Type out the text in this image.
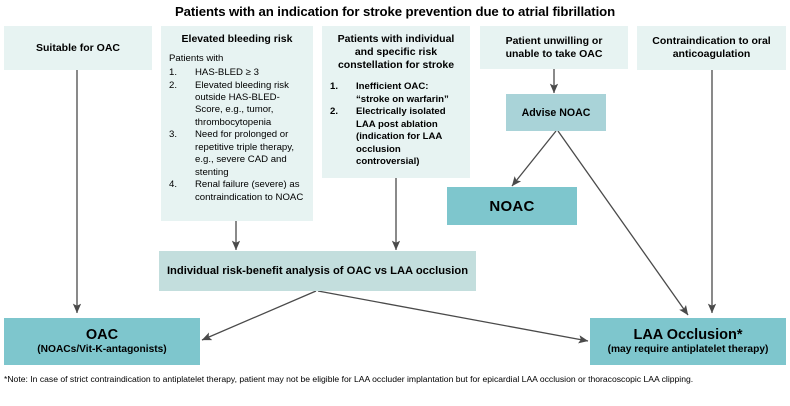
Patients with an indication for stroke prevention due to atrial fibrillation
Suitable for OAC
Elevated bleeding risk
Patients with
1.	HAS-BLED ≥ 3
2.	Elevated bleeding risk outside HAS-BLED-Score, e.g., tumor, thrombocytopenia
3.	Need for prolonged or repetitive triple therapy, e.g., severe CAD and stenting
4.	Renal failure (severe) as contraindication to NOAC
Patients with individual and specific risk constellation for stroke
1.	Inefficient OAC: “stroke on warfarin”
2.	Electrically isolated LAA post ablation (indication for LAA occlusion controversial)
Patient unwilling or unable to take OAC
Contraindication to oral anticoagulation
Advise NOAC
NOAC
Individual risk-benefit analysis of OAC vs LAA occlusion
OAC
(NOACs/Vit-K-antagonists)
LAA Occlusion*
(may require antiplatelet therapy)
*Note: In case of strict contraindication to antiplatelet therapy, patient may not be eligible for LAA occluder implantation but for epicardial LAA occlusion or thoracoscopic LAA clipping.
